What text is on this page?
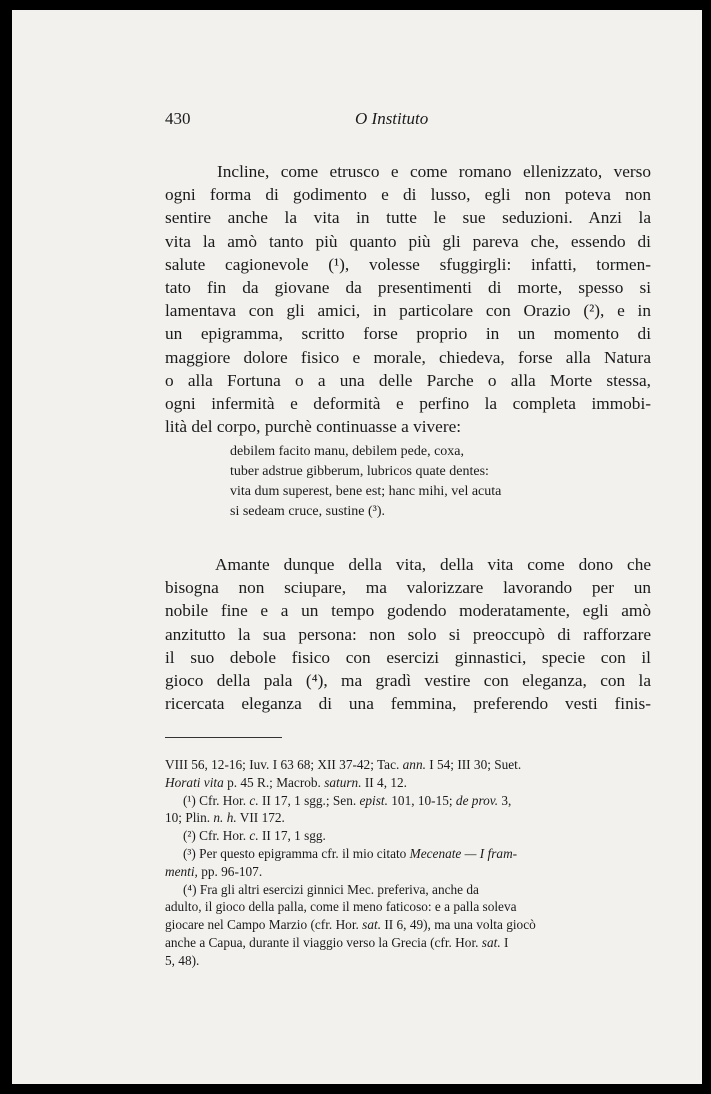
430	O Instituto
Incline, come etrusco e come romano ellenizzato, verso
ogni forma di godimento e di lusso, egli non poteva non
sentire anche la vita in tutte le sue seduzioni. Anzi la
vita la amò tanto più quanto più gli pareva che, essendo di
salute cagionevole (¹), volesse sfuggirgli: infatti, tormen-
tato fin da giovane da presentimenti di morte, spesso si
lamentava con gli amici, in particolare con Orazio (²), e in
un epigramma, scritto forse proprio in un momento di
maggiore dolore fisico e morale, chiedeva, forse alla Natura
o alla Fortuna o a una delle Parche o alla Morte stessa,
ogni infermità e deformità e perfino la completa immobi-
lità del corpo, purchè continuasse a vivere:
debilem facito manu, debilem pede, coxa,
tuber adstrue gibberum, lubricos quate dentes:
vita dum superest, bene est; hanc mihi, vel acuta
si sedeam cruce, sustine (³).
Amante dunque della vita, della vita come dono che
bisogna non sciupare, ma valorizzare lavorando per un
nobile fine e a un tempo godendo moderatamente, egli amò
anzitutto la sua persona: non solo si preoccupò di rafforzare
il suo debole fisico con esercizi ginnastici, specie con il
gioco della pala (⁴), ma gradì vestire con eleganza, con la
ricercata eleganza di una femmina, preferendo vesti finis-
VIII 56, 12-16; Iuv. I 63 68; XII 37-42; Tac. ann. I 54; III 30; Suet.
Horati vita p. 45 R.; Macrob. saturn. II 4, 12.
(¹) Cfr. Hor. c. II 17, 1 sgg.; Sen. epist. 101, 10-15; de prov. 3,
10; Plin. n. h. VII 172.
(²) Cfr. Hor. c. II 17, 1 sgg.
(³) Per questo epigramma cfr. il mio citato Mecenate — I fram-
menti, pp. 96-107.
(⁴) Fra gli altri esercizi ginnici Mec. preferiva, anche da
adulto, il gioco della palla, come il meno faticoso: e a palla soleva
giocare nel Campo Marzio (cfr. Hor. sat. II 6, 49), ma una volta giocò
anche a Capua, durante il viaggio verso la Grecia (cfr. Hor. sat. I
5, 48).
